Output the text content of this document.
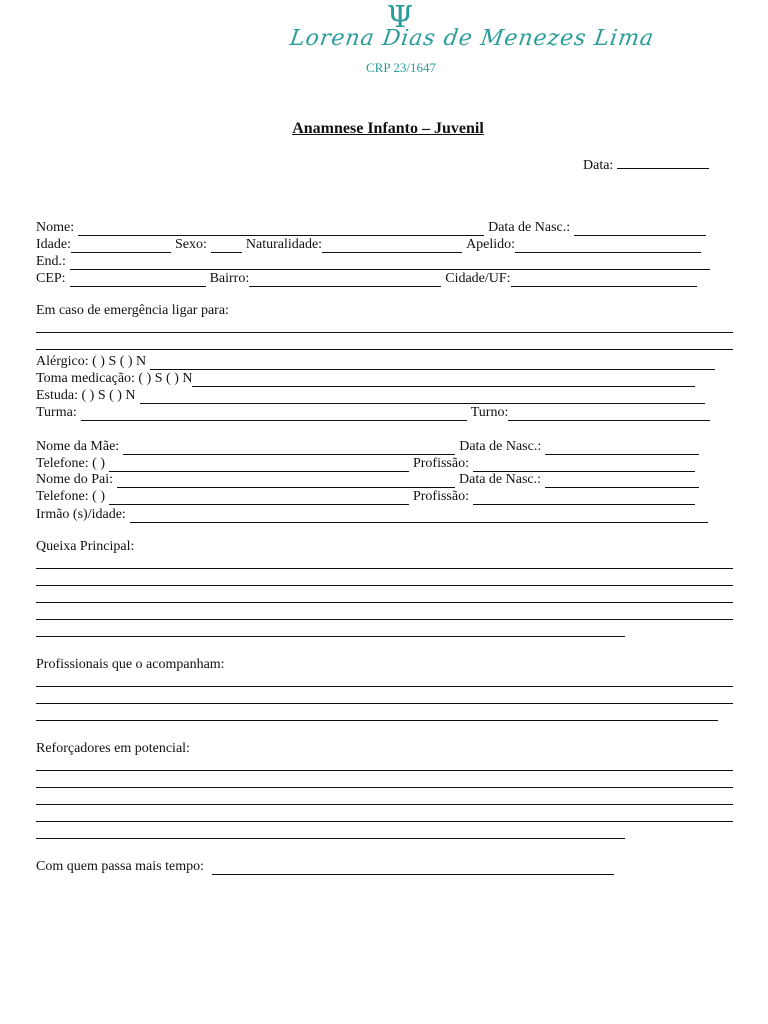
Ψ
Lorena Dias de Menezes Lima
CRP 23/1647
Anamnese Infanto – Juvenil
Data:
Nome:	Data de Nasc.:
Idade:	Sexo:	Naturalidade:	Apelido:
End.:
CEP:	Bairro:	Cidade/UF:
Em caso de emergência ligar para:
Alérgico: ( ) S ( ) N
Toma medicação: ( ) S ( ) N
Estuda: ( ) S ( ) N
Turma:	Turno:
Nome da Mãe:	Data de Nasc.:
Telefone: ( )	Profissão:
Nome do Pai:	Data de Nasc.:
Telefone: ( )	Profissão:
Irmão (s)/idade:
Queixa Principal:
Profissionais que o acompanham:
Reforçadores em potencial:
Com quem passa mais tempo:
